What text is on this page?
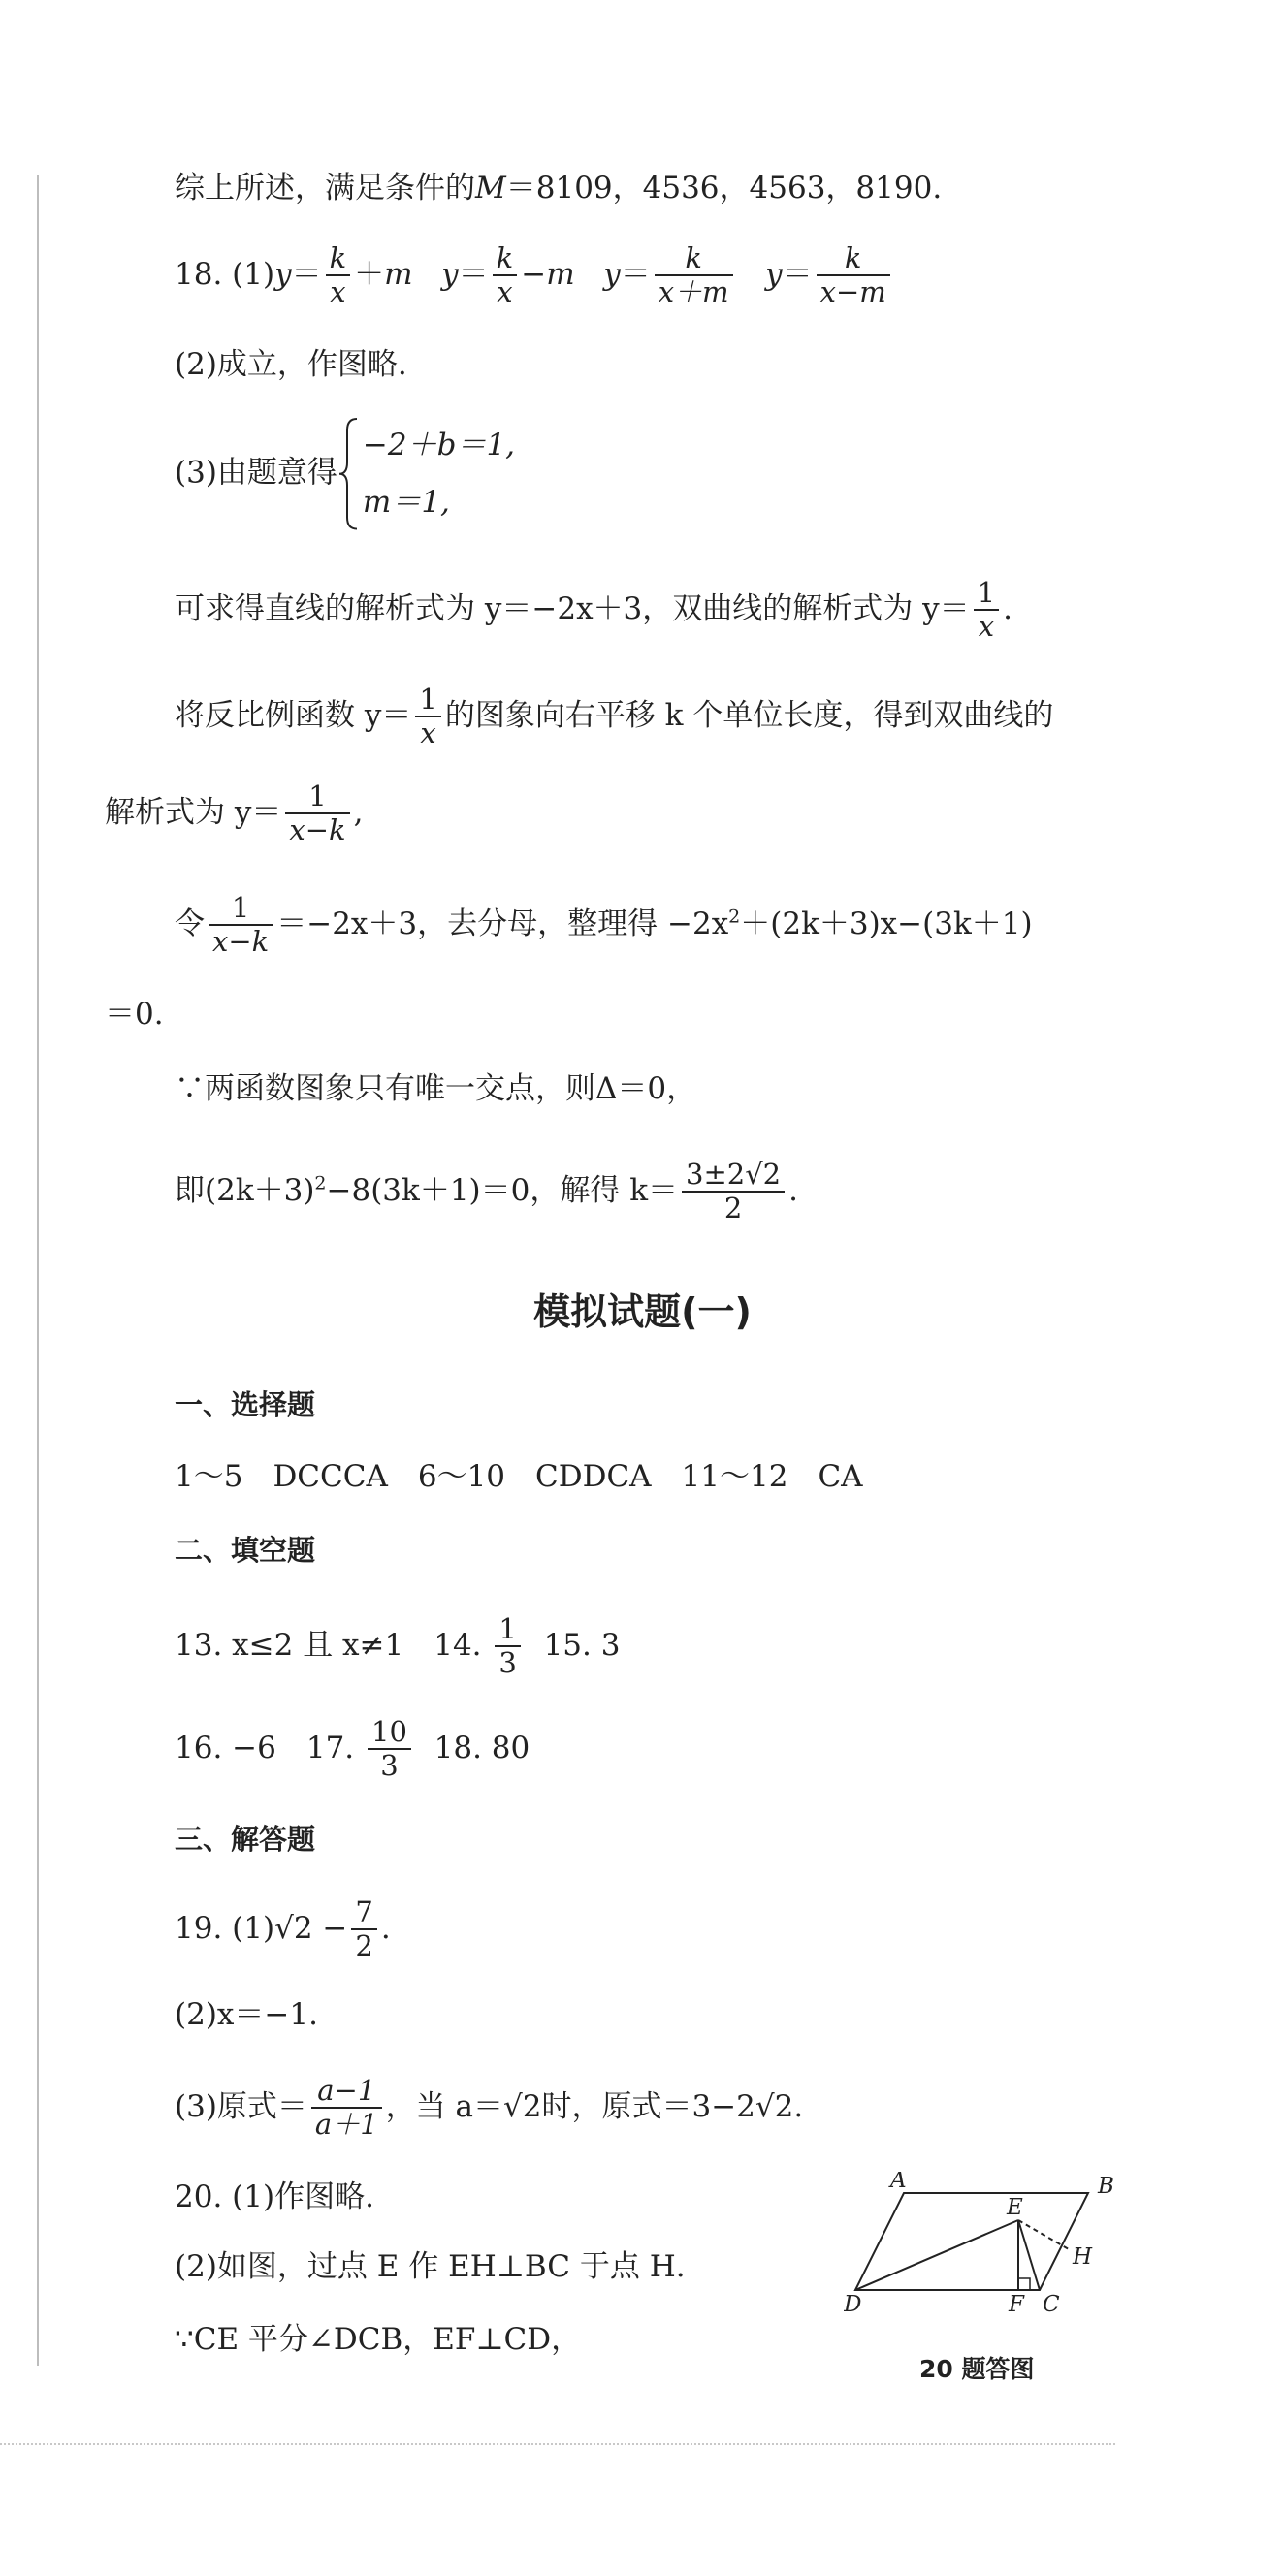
综上所述，满足条件的M＝8109，4536，4563，8190.
18. $(1)y= \frac{k}{x} +m$ $y= \frac{k}{x} -m$ $y= \frac{k}{x+m} y= \frac{k}{x-m}$
(2)成立，作图略.
(3)由题意得
−2＋b＝1,
m＝1,
可求得直线的解析式为 y＝−2x＋3，双曲线的解析式为 $y= \frac{1}{x}$ .
将反比例函数 $y= \frac{1}{x}$ 的图象向右平移 k 个单位长度，得到双曲线的
解析式为 $y= \frac{1}{x-k}$ ,
令 $\frac{1}{x-k} =-2x+3$，去分母，整理得 $-2x^2+(2k+3)x-(3k+1)$
＝0.
∵两函数图象只有唯一交点，则Δ＝0，
即$(2k+3)^2-8(3k+1)=0$，解得 $k= \frac{3\pm 2√2}{2}$ .
模拟试题(一)
一、选择题
1～5　DCCCA　6～10　CDDCA　11～12　CA
二、填空题
13. x≤2 且 x≠1　14. $\frac{1}{3} 15$. 3
16. −6　17. $\frac{10}{3} 18$. 80
三、解答题
19. $(1)√2 - \frac{7}{2}$ .
(2)x＝−1.
(3)原式＝ $\frac{a-1}{a+1}$ ，当 a＝√2时，原式＝3−2√2.
20. (1)作图略.
(2)如图，过点 E 作 EH⊥BC 于点 H.
∵CE 平分∠DCB，EF⊥CD，
A	B
C
D
E
F
H
20 题答图
